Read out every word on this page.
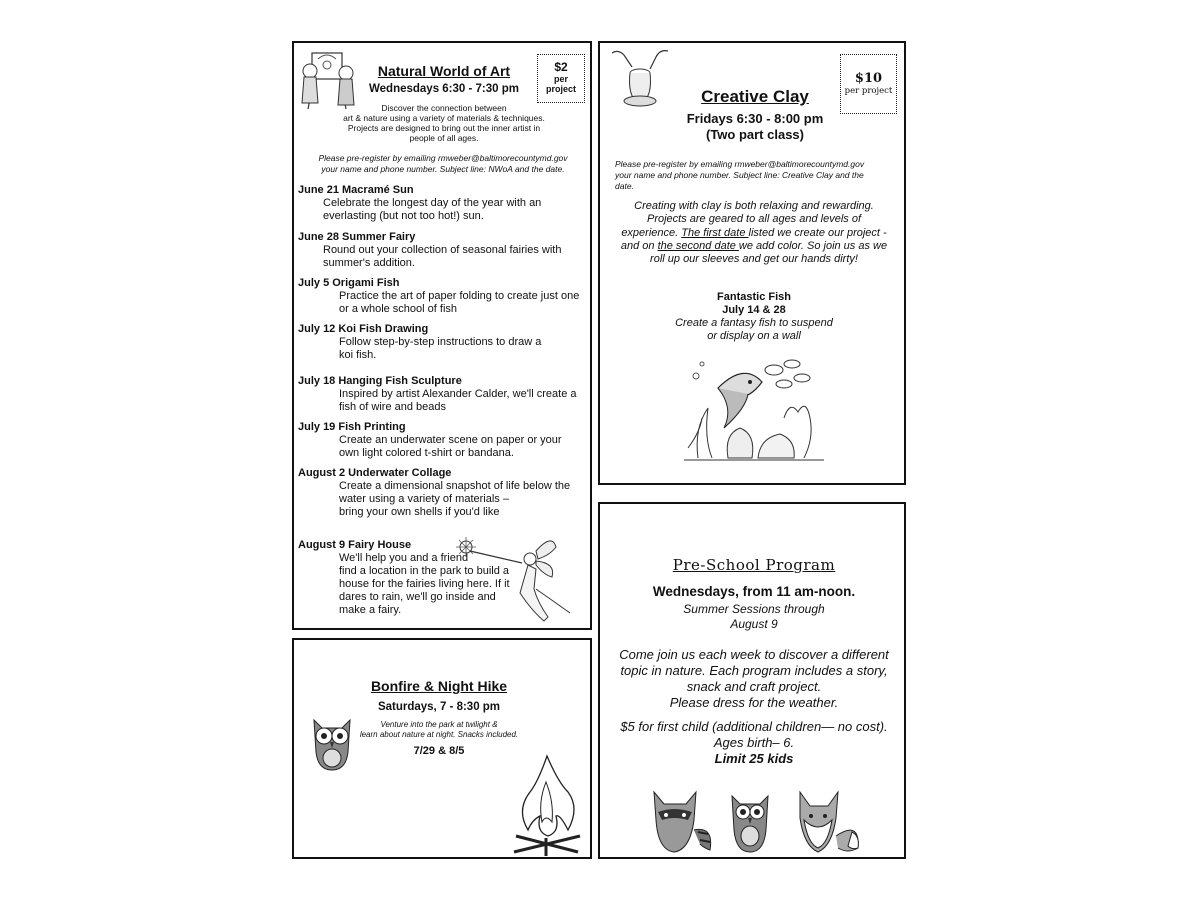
Natural World of Art
Wednesdays 6:30 - 7:30 pm
$2
per
project
Discover the connection between
art & nature using a variety of materials & techniques.
Projects are designed to bring out the inner artist in
people of all ages.
Please pre-register by emailing rmweber@baltimorecountymd.gov
your name and phone number. Subject line: NWoA and the date.
June 21 Macramé Sun
Celebrate the longest day of the year with an
everlasting (but not too hot!) sun.
June 28 Summer Fairy
Round out your collection of seasonal fairies with
summer's addition.
July 5 Origami Fish
Practice the art of paper folding to create just one
or a whole school of fish
July 12 Koi Fish Drawing
Follow step-by-step instructions to draw a
koi fish.
July 18 Hanging Fish Sculpture
Inspired by artist Alexander Calder, we'll create a
fish of wire and beads
July 19 Fish Printing
Create an underwater scene on paper or your
own light colored t-shirt or bandana.
August 2 Underwater Collage
Create a dimensional snapshot of life below the
water using a variety of materials –
bring your own shells if you'd like
August 9 Fairy House
We'll help you and a friend
find a location in the park to build a
house for the fairies living here. If it
dares to rain, we'll go inside and
make a fairy.
Creative Clay
Fridays 6:30 - 8:00 pm
(Two part class)
$10
per project
Please pre-register by emailing rmweber@baltimorecountymd.gov
your name and phone number. Subject line: Creative Clay and the
date.
Creating with clay is both relaxing and rewarding.
Projects are geared to all ages and levels of
experience. The first date listed we create our project -
and on the second date we add color. So join us as we
roll up our sleeves and get our hands dirty!
Fantastic Fish
July 14 & 28
Create a fantasy fish to suspend
or display on a wall
Bonfire & Night Hike
Saturdays, 7 - 8:30 pm
Venture into the park at twilight &
learn about nature at night. Snacks included.
7/29 & 8/5
Pre-School Program
Wednesdays, from 11 am-noon.
Summer Sessions through
August 9
Come join us each week to discover a different
topic in nature. Each program includes a story,
snack and craft project.
Please dress for the weather.
$5 for first child (additional children— no cost).
Ages birth– 6.
Limit 25 kids
